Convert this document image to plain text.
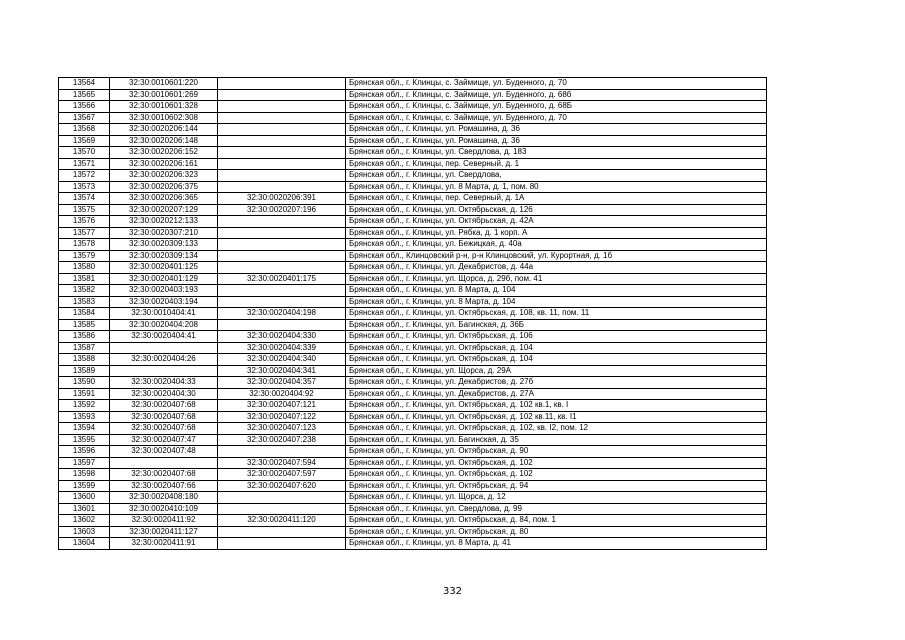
13564	32:30:0010601:220		Брянская обл., г. Клинцы, с. Займище, ул. Буденного, д. 70
13565	32:30:0010601:269		Брянская обл., г. Клинцы, с. Займище, ул. Буденного, д. 68б
13566	32:30:0010601:328		Брянская обл., г. Клинцы, с. Займище, ул. Буденного, д. 68Б
13567	32:30:0010602:308		Брянская обл., г. Клинцы, с. Займище, ул. Буденного, д. 70
13568	32:30:0020206:144		Брянская обл., г. Клинцы, ул. Ромашина, д. 36
13569	32:30:0020206:148		Брянская обл., г. Клинцы, ул. Ромашина, д. 36
13570	32:30:0020206:152		Брянская обл., г. Клинцы, ул. Свердлова, д. 183
13571	32:30:0020206:161		Брянская обл., г. Клинцы, пер. Северный, д. 1
13572	32:30:0020206:323		Брянская обл., г. Клинцы, ул. Свердлова,
13573	32:30:0020206:375		Брянская обл., г. Клинцы, ул. 8 Марта, д. 1, пом. 80
13574	32:30:0020206:365	32:30:0020206:391	Брянская обл., г. Клинцы, пер. Северный, д. 1А
13575	32:30:0020207:129	32:30:0020207:196	Брянская обл., г. Клинцы, ул. Октябрьская, д. 126
13576	32:30:0020212:133		Брянская обл., г. Клинцы, ул. Октябрьская, д. 42А
13577	32:30:0020307:210		Брянская обл., г. Клинцы, ул. Рябка, д. 1 корп. А
13578	32:30:0020309:133		Брянская обл., г. Клинцы, ул. Бежицкая, д. 40а
13579	32:30:0020309:134		Брянская обл., Клинцовский р-н, р-н Клинцовский, ул. Курортная, д. 1б
13580	32:30:0020401:125		Брянская обл., г. Клинцы, ул. Декабристов, д. 44а
13581	32:30:0020401:129	32:30:0020401:175	Брянская обл., г. Клинцы, ул. Щорса, д. 29б, пом. 41
13582	32:30:0020403:193		Брянская обл., г. Клинцы, ул. 8 Марта, д. 104
13583	32:30:0020403:194		Брянская обл., г. Клинцы, ул. 8 Марта, д. 104
13584	32:30:0010404:41	32:30:0020404:198	Брянская обл., г. Клинцы, ул. Октябрьская, д. 108, кв. 11, пом. 11
13585	32:30:0020404:208		Брянская обл., г. Клинцы, ул. Багинская, д. 36Б
13586	32:30:0020404:41	32:30:0020404:330	Брянская обл., г. Клинцы, ул. Октябрьская, д. 106
13587		32:30:0020404:339	Брянская обл., г. Клинцы, ул. Октябрьская, д. 104
13588	32:30:0020404:26	32:30:0020404:340	Брянская обл., г. Клинцы, ул. Октябрьская, д. 104
13589		32:30:0020404:341	Брянская обл., г. Клинцы, ул. Щорса, д. 29А
13590	32:30:0020404:33	32:30:0020404:357	Брянская обл., г. Клинцы, ул. Декабристов, д. 27б
13591	32:30:0020404:30	32:30:0020404:92	Брянская обл., г. Клинцы, ул. Декабристов, д. 27А
13592	32:30:0020407:68	32:30:0020407:121	Брянская обл., г. Клинцы, ул. Октябрьская, д. 102 кв.1, кв. I
13593	32:30:0020407:68	32:30:0020407:122	Брянская обл., г. Клинцы, ул. Октябрьская, д. 102 кв.11, кв. I1
13594	32:30:0020407:68	32:30:0020407:123	Брянская обл., г. Клинцы, ул. Октябрьская, д. 102, кв. I2, пом. 12
13595	32:30:0020407:47	32:30:0020407:238	Брянская обл., г. Клинцы, ул. Багинская, д. 35
13596	32:30:0020407:48		Брянская обл., г. Клинцы, ул. Октябрьская, д. 90
13597		32:30:0020407:594	Брянская обл., г. Клинцы, ул. Октябрьская, д. 102
13598	32:30:0020407:68	32:30:0020407:597	Брянская обл., г. Клинцы, ул. Октябрьская, д. 102
13599	32:30:0020407:66	32:30:0020407:620	Брянская обл., г. Клинцы, ул. Октябрьская, д. 94
13600	32:30:0020408:180		Брянская обл., г. Клинцы, ул. Щорса, д. 12
13601	32:30:0020410:109		Брянская обл., г. Клинцы, ул. Свердлова, д. 99
13602	32:30:0020411:92	32:30:0020411:120	Брянская обл., г. Клинцы, ул. Октябрьская, д. 84, пом. 1
13603	32:30:0020411:127		Брянская обл., г. Клинцы, ул. Октябрьская, д. 80
13604	32:30:0020411:91		Брянская обл., г. Клинцы, ул. 8 Марта, д. 41
332
